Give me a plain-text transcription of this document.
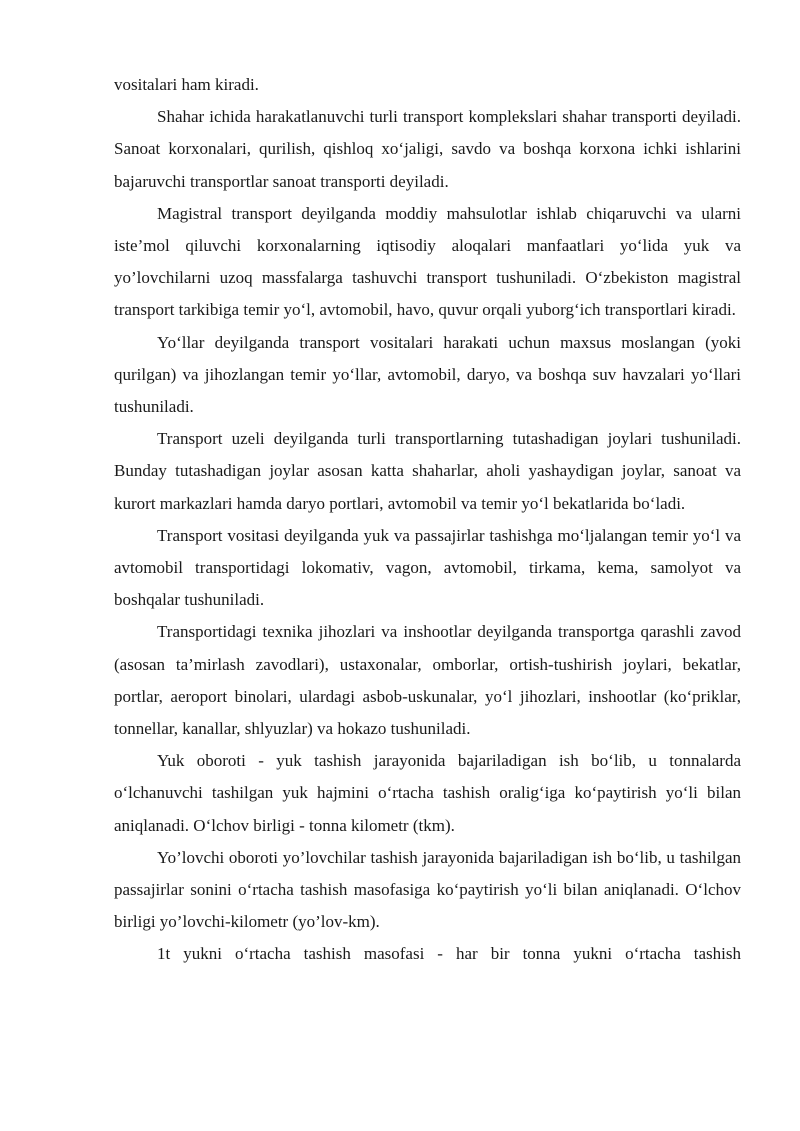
vositalari ham kiradi.

Shahar ichida harakatlanuvchi turli transport komplekslari shahar transporti deyiladi. Sanoat korxonalari, qurilish, qishloq xo‘jaligi, savdo va boshqa korxona ichki ishlarini bajaruvchi transportlar sanoat transporti deyiladi.

Magistral transport deyilganda moddiy mahsulotlar ishlab chiqaruvchi va ularni iste’mol qiluvchi korxonalarning iqtisodiy aloqalari manfaatlari yo‘lida yuk va yo’lovchilarni uzoq massfalarga tashuvchi transport tushuniladi. O‘zbekiston magistral transport tarkibiga temir yo‘l, avtomobil, havo, quvur orqali yuborg‘ich transportlari kiradi.

Yo‘llar deyilganda transport vositalari harakati uchun maxsus moslangan (yoki qurilgan) va jihozlangan temir yo‘llar, avtomobil, daryo, va boshqa suv havzalari yo‘llari tushuniladi.

Transport uzeli deyilganda turli transportlarning tutashadigan joylari tushuniladi. Bunday tutashadigan joylar asosan katta shaharlar, aholi yashaydigan joylar, sanoat va kurort markazlari hamda daryo portlari, avtomobil va temir yo‘l bekatlarida bo‘ladi.

Transport vositasi deyilganda yuk va passajirlar tashishga mo‘ljalangan temir yo‘l va avtomobil transportidagi lokomativ, vagon, avtomobil, tirkama, kema, samolyot va boshqalar tushuniladi.

Transportidagi texnika jihozlari va inshootlar deyilganda transportga qarashli zavod (asosan ta’mirlash zavodlari), ustaxonalar, omborlar, ortish-tushirish joylari, bekatlar, portlar, aeroport binolari, ulardagi asbob-uskunalar, yo‘l jihozlari, inshootlar (ko‘priklar, tonnellar, kanallar, shlyuzlar) va hokazo tushuniladi.

Yuk oboroti - yuk tashish jarayonida bajariladigan ish bo‘lib, u tonnalarda o‘lchanuvchi tashilgan yuk hajmini o‘rtacha tashish oralig‘iga ko‘paytirish yo‘li bilan aniqlanadi. O‘lchov birligi - tonna kilometr (tkm).

Yo’lovchi oboroti yo’lovchilar tashish jarayonida bajariladigan ish bo‘lib, u tashilgan passajirlar sonini o‘rtacha tashish masofasiga ko‘paytirish yo‘li bilan aniqlanadi. O‘lchov birligi yo’lovchi-kilometr (yo’lov-km).

1t yukni o‘rtacha tashish masofasi - har bir tonna yukni o‘rtacha tashish
